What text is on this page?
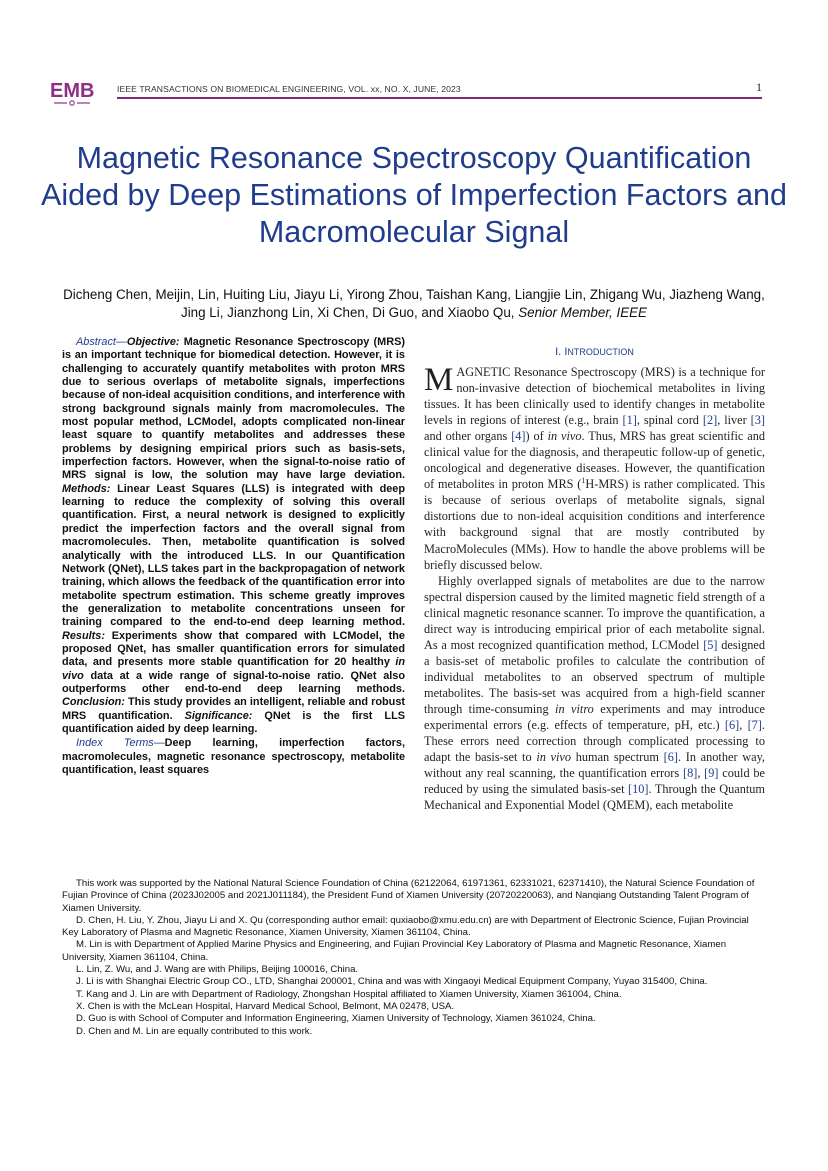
EMB	IEEE TRANSACTIONS ON BIOMEDICAL ENGINEERING, VOL. xx, NO. X, JUNE, 2023	1
Magnetic Resonance Spectroscopy Quantification Aided by Deep Estimations of Imperfection Factors and Macromolecular Signal
Dicheng Chen, Meijin, Lin, Huiting Liu, Jiayu Li, Yirong Zhou, Taishan Kang, Liangjie Lin, Zhigang Wu, Jiazheng Wang, Jing Li, Jianzhong Lin, Xi Chen, Di Guo, and Xiaobo Qu, Senior Member, IEEE

Abstract—Objective: Magnetic Resonance Spectroscopy (MRS) is an important technique for biomedical detection. However, it is challenging to accurately quantify metabolites with proton MRS due to serious overlaps of metabolite signals, imperfections because of non-ideal acquisition conditions, and interference with strong background signals mainly from macromolecules. The most popular method, LCModel, adopts complicated non-linear least square to quantify metabolites and addresses these problems by designing empirical priors such as basis-sets, imperfection factors. However, when the signal-to-noise ratio of MRS signal is low, the solution may have large deviation. Methods: Linear Least Squares (LLS) is integrated with deep learning to reduce the complexity of solving this overall quantification. First, a neural network is designed to explicitly predict the imperfection factors and the overall signal from macromolecules. Then, metabolite quantification is solved analytically with the introduced LLS. In our Quantification Network (QNet), LLS takes part in the backpropagation of network training, which allows the feedback of the quantification error into metabolite spectrum estimation. This scheme greatly improves the generalization to metabolite concentrations unseen for training compared to the end-to-end deep learning method. Results: Experiments show that compared with LCModel, the proposed QNet, has smaller quantification errors for simulated data, and presents more stable quantification for 20 healthy in vivo data at a wide range of signal-to-noise ratio. QNet also outperforms other end-to-end deep learning methods. Conclusion: This study provides an intelligent, reliable and robust MRS quantification. Significance: QNet is the first LLS quantification aided by deep learning.

Index Terms—Deep learning, imperfection factors, macromolecules, magnetic resonance spectroscopy, metabolite quantification, least squares

I. INTRODUCTION

MAGNETIC Resonance Spectroscopy (MRS) is a technique for non-invasive detection of biochemical metabolites in living tissues. It has been clinically used to identify changes in metabolite levels in regions of interest (e.g., brain [1], spinal cord [2], liver [3] and other organs [4]) of in vivo. Thus, MRS has great scientific and clinical value for the diagnosis, and therapeutic follow-up of genetic, oncological and degenerative diseases. However, the quantification of metabolites in proton MRS ($^1$H-MRS) is rather complicated. This is because of serious overlaps of metabolite signals, signal distortions due to non-ideal acquisition conditions and interference with background signal that are mostly contributed by MacroMolecules (MMs). How to handle the above problems will be briefly discussed below.

Highly overlapped signals of metabolites are due to the narrow spectral dispersion caused by the limited magnetic field strength of a clinical magnetic resonance scanner. To improve the quantification, a direct way is introducing empirical prior of each metabolite signal. As a most recognized quantification method, LCModel [5] designed a basis-set of metabolic profiles to calculate the contribution of individual metabolites to an observed spectrum of multiple metabolites. The basis-set was acquired from a high-field scanner through time-consuming in vitro experiments and may introduce experimental errors (e.g. effects of temperature, pH, etc.) [6], [7]. These errors need correction through complicated processing to adapt the basis-set to in vivo human spectrum [6]. In another way, without any real scanning, the quantification errors [8], [9] could be reduced by using the simulated basis-set [10]. Through the Quantum Mechanical and Exponential Model (QMEM), each metabolite

This work was supported by the National Natural Science Foundation of China (62122064, 61971361, 62331021, 62371410), the Natural Science Foundation of Fujian Province of China (2023J02005 and 2021J011184), the President Fund of Xiamen University (20720220063), and Nanqiang Outstanding Talent Program of Xiamen University.

D. Chen, H. Liu, Y. Zhou, Jiayu Li and X. Qu (corresponding author email: quxiaobo@xmu.edu.cn) are with Department of Electronic Science, Fujian Provincial Key Laboratory of Plasma and Magnetic Resonance, Xiamen University, Xiamen 361104, China.

M. Lin is with Department of Applied Marine Physics and Engineering, and Fujian Provincial Key Laboratory of Plasma and Magnetic Resonance, Xiamen University, Xiamen 361104, China.

L. Lin, Z. Wu, and J. Wang are with Philips, Beijing 100016, China.

J. Li is with Shanghai Electric Group CO., LTD, Shanghai 200001, China and was with Xingaoyi Medical Equipment Company, Yuyao 315400, China.

T. Kang and J. Lin are with Department of Radiology, Zhongshan Hospital affiliated to Xiamen University, Xiamen 361004, China.

X. Chen is with the McLean Hospital, Harvard Medical School, Belmont, MA 02478, USA.

D. Guo is with School of Computer and Information Engineering, Xiamen University of Technology, Xiamen 361024, China.

D. Chen and M. Lin are equally contributed to this work.
